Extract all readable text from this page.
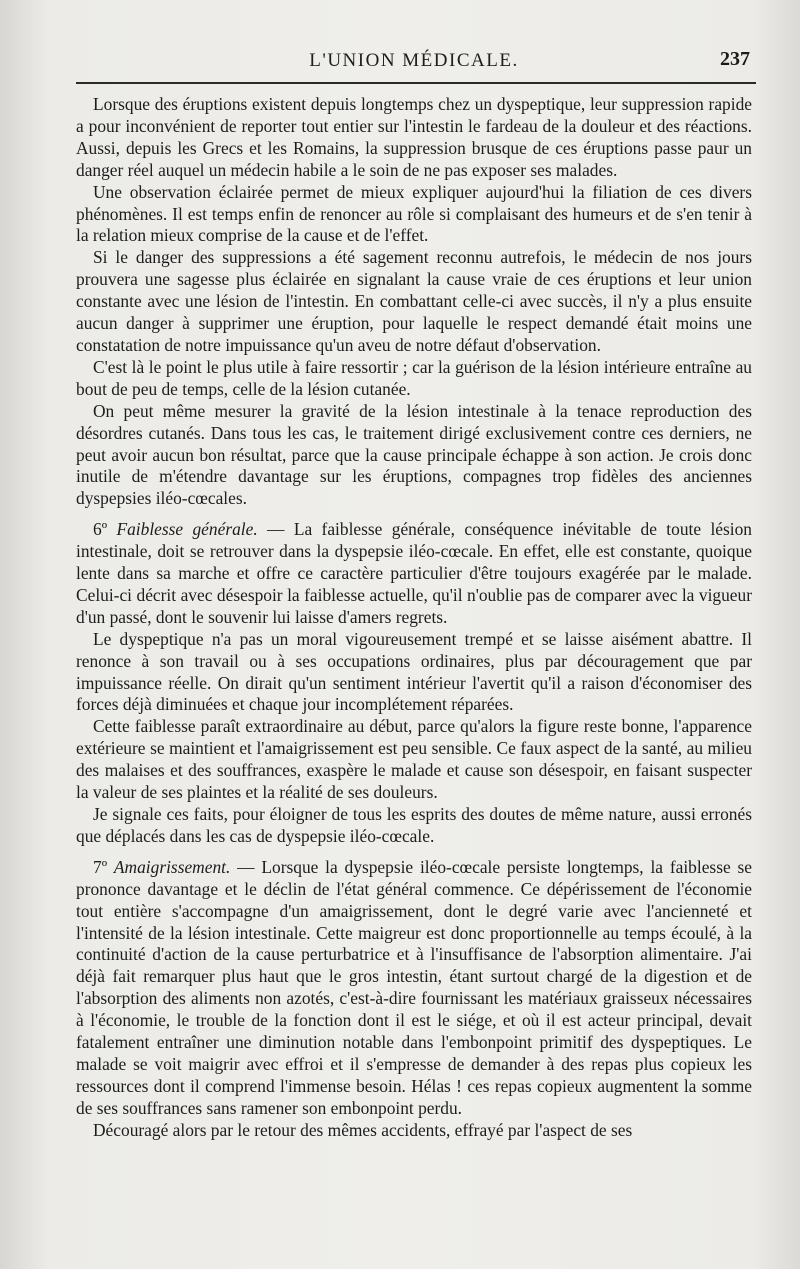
L'UNION MÉDICALE.	237

Lorsque des éruptions existent depuis longtemps chez un dyspeptique, leur suppression rapide a pour inconvénient de reporter tout entier sur l'intestin le fardeau de la douleur et des réactions. Aussi, depuis les Grecs et les Romains, la suppression brusque de ces éruptions passe paur un danger réel auquel un médecin habile a le soin de ne pas exposer ses malades.

Une observation éclairée permet de mieux expliquer aujourd'hui la filiation de ces divers phénomènes. Il est temps enfin de renoncer au rôle si complaisant des humeurs et de s'en tenir à la relation mieux comprise de la cause et de l'effet.

Si le danger des suppressions a été sagement reconnu autrefois, le médecin de nos jours prouvera une sagesse plus éclairée en signalant la cause vraie de ces éruptions et leur union constante avec une lésion de l'intestin. En combattant celle-ci avec succès, il n'y a plus ensuite aucun danger à supprimer une éruption, pour laquelle le respect demandé était moins une constatation de notre impuissance qu'un aveu de notre défaut d'observation.

C'est là le point le plus utile à faire ressortir ; car la guérison de la lésion intérieure entraîne au bout de peu de temps, celle de la lésion cutanée.

On peut même mesurer la gravité de la lésion intestinale à la tenace reproduction des désordres cutanés. Dans tous les cas, le traitement dirigé exclusivement contre ces derniers, ne peut avoir aucun bon résultat, parce que la cause principale échappe à son action. Je crois donc inutile de m'étendre davantage sur les éruptions, compagnes trop fidèles des anciennes dyspepsies iléo-cœcales.

6º Faiblesse générale. — La faiblesse générale, conséquence inévitable de toute lésion intestinale, doit se retrouver dans la dyspepsie iléo-cœcale. En effet, elle est constante, quoique lente dans sa marche et offre ce caractère particulier d'être toujours exagérée par le malade. Celui-ci décrit avec désespoir la faiblesse actuelle, qu'il n'oublie pas de comparer avec la vigueur d'un passé, dont le souvenir lui laisse d'amers regrets.

Le dyspeptique n'a pas un moral vigoureusement trempé et se laisse aisément abattre. Il renonce à son travail ou à ses occupations ordinaires, plus par découragement que par impuissance réelle. On dirait qu'un sentiment intérieur l'avertit qu'il a raison d'économiser des forces déjà diminuées et chaque jour incomplétement réparées.

Cette faiblesse paraît extraordinaire au début, parce qu'alors la figure reste bonne, l'apparence extérieure se maintient et l'amaigrissement est peu sensible. Ce faux aspect de la santé, au milieu des malaises et des souffrances, exaspère le malade et cause son désespoir, en faisant suspecter la valeur de ses plaintes et la réalité de ses douleurs.

Je signale ces faits, pour éloigner de tous les esprits des doutes de même nature, aussi erronés que déplacés dans les cas de dyspepsie iléo-cœcale.

7º Amaigrissement. — Lorsque la dyspepsie iléo-cœcale persiste longtemps, la faiblesse se prononce davantage et le déclin de l'état général commence. Ce dépérissement de l'économie tout entière s'accompagne d'un amaigrissement, dont le degré varie avec l'ancienneté et l'intensité de la lésion intestinale. Cette maigreur est donc proportionnelle au temps écoulé, à la continuité d'action de la cause perturbatrice et à l'insuffisance de l'absorption alimentaire. J'ai déjà fait remarquer plus haut que le gros intestin, étant surtout chargé de la digestion et de l'absorption des aliments non azotés, c'est-à-dire fournissant les matériaux graisseux nécessaires à l'économie, le trouble de la fonction dont il est le siége, et où il est acteur principal, devait fatalement entraîner une diminution notable dans l'embonpoint primitif des dyspeptiques. Le malade se voit maigrir avec effroi et il s'empresse de demander à des repas plus copieux les ressources dont il comprend l'immense besoin. Hélas ! ces repas copieux augmentent la somme de ses souffrances sans ramener son embonpoint perdu.

Découragé alors par le retour des mêmes accidents, effrayé par l'aspect de ses
